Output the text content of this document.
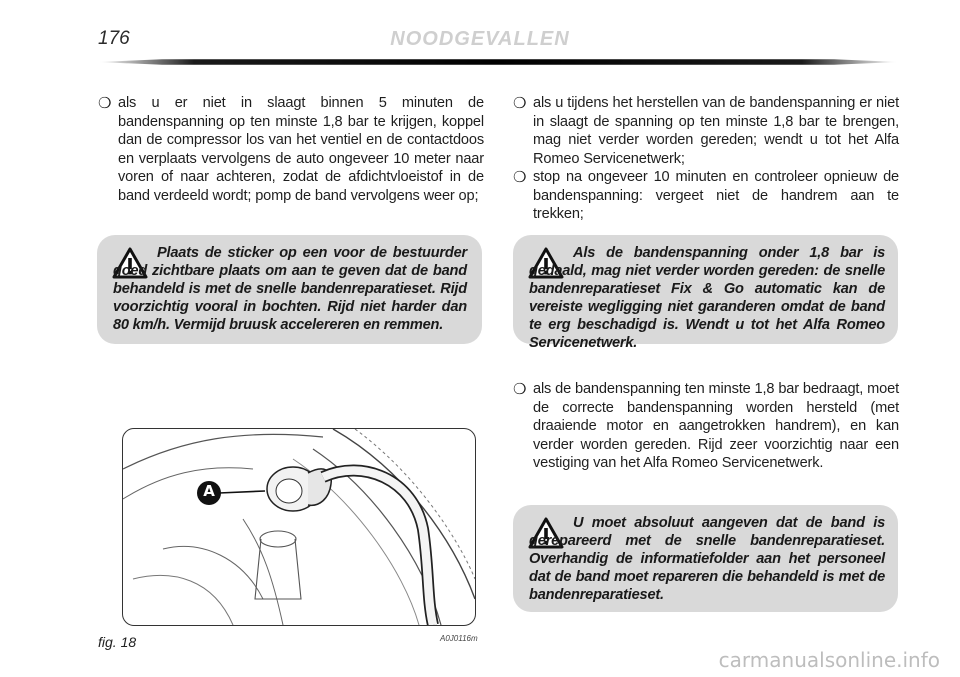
176	NOODGEVALLEN
❍ als u er niet in slaagt binnen 5 minuten de bandenspanning op ten minste 1,8 bar te krijgen, koppel dan de compressor los van het ventiel en de contactdoos en verplaats vervolgens de auto ongeveer 10 meter naar voren of naar achteren, zodat de afdichtvloeistof in de band verdeeld wordt; pomp de band vervolgens weer op;
Plaats de sticker op een voor de bestuurder goed zichtbare plaats om aan te geven dat de band behandeld is met de snelle bandenreparatieset. Rijd voorzichtig vooral in bochten. Rijd niet harder dan 80 km/h. Vermijd bruusk accelereren en remmen.
❍ als u tijdens het herstellen van de bandenspanning er niet in slaagt de spanning op ten minste 1,8 bar te brengen, mag niet verder worden gereden; wendt u tot het Alfa Romeo Servicenetwerk;
❍ stop na ongeveer 10 minuten en controleer opnieuw de bandenspanning: vergeet niet de handrem aan te trekken;
Als de bandenspanning onder 1,8 bar is gedaald, mag niet verder worden gereden: de snelle bandenreparatieset Fix & Go automatic kan de vereiste wegligging niet garanderen omdat de band te erg beschadigd is. Wendt u tot het Alfa Romeo Servicenetwerk.
❍ als de bandenspanning ten minste 1,8 bar bedraagt, moet de correcte bandenspanning worden hersteld (met draaiende motor en aangetrokken handrem), en kan verder worden gereden. Rijd zeer voorzichtig naar een vestiging van het Alfa Romeo Servicenetwerk.
U moet absoluut aangeven dat de band is gerepareerd met de snelle bandenreparatieset. Overhandig de informatiefolder aan het personeel dat de band moet repareren die behandeld is met de bandenreparatieset.
A
fig. 18	A0J0116m
carmanualsonline.info
